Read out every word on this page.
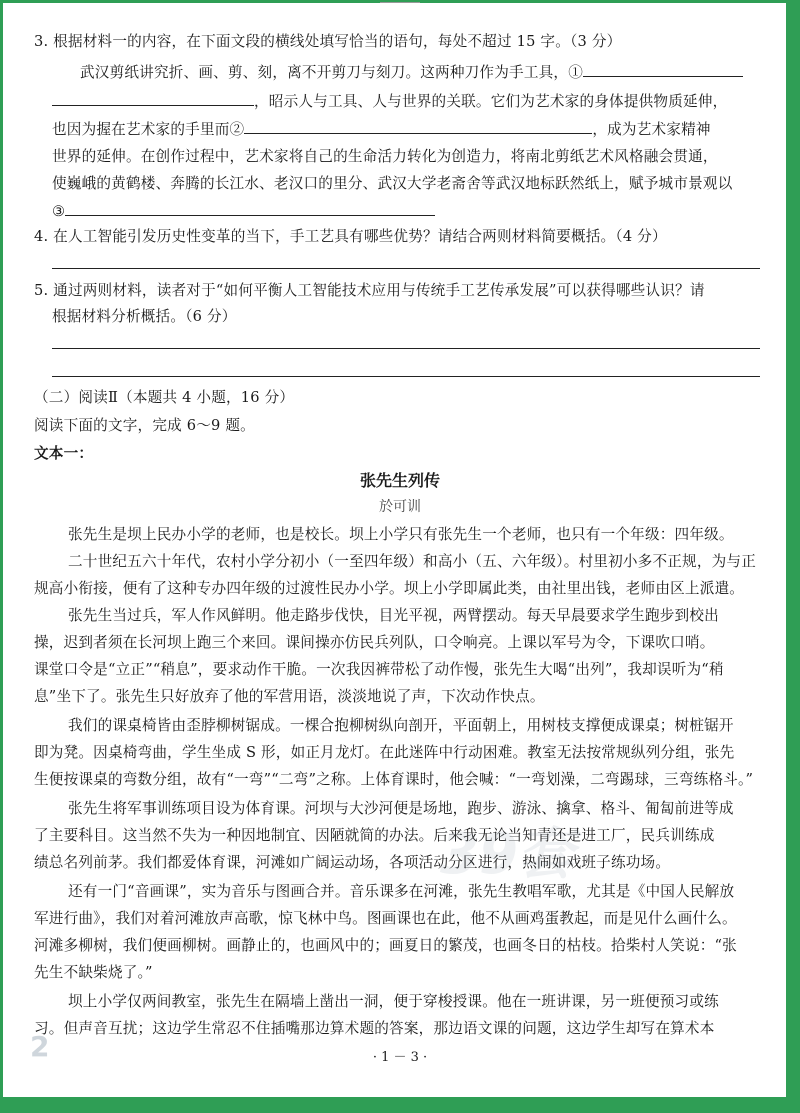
3. 根据材料一的内容，在下面文段的横线处填写恰当的语句，每处不超过 15 字。（3 分）
武汉剪纸讲究折、画、剪、刻，离不开剪刀与刻刀。这两种刀作为手工具，①
，昭示人与工具、人与世界的关联。它们为艺术家的身体提供物质延伸，
也因为握在艺术家的手里而②	，成为艺术家精神
世界的延伸。在创作过程中，艺术家将自己的生命活力转化为创造力，将南北剪纸艺术风格融会贯通，
使巍峨的黄鹤楼、奔腾的长江水、老汉口的里分、武汉大学老斋舍等武汉地标跃然纸上，赋予城市景观以
③
4. 在人工智能引发历史性变革的当下，手工艺具有哪些优势？请结合两则材料简要概括。（4 分）
5. 通过两则材料，读者对于“如何平衡人工智能技术应用与传统手工艺传承发展”可以获得哪些认识？请
根据材料分析概括。（6 分）
（二）阅读Ⅱ（本题共 4 小题，16 分）
阅读下面的文字，完成 6～9 题。
文本一：
张先生列传
於可训
张先生是坝上民办小学的老师，也是校长。坝上小学只有张先生一个老师，也只有一个年级：四年级。
二十世纪五六十年代，农村小学分初小（一至四年级）和高小（五、六年级）。村里初小多不正规，为与正
规高小衔接，便有了这种专办四年级的过渡性民办小学。坝上小学即属此类，由社里出钱，老师由区上派遣。
张先生当过兵，军人作风鲜明。他走路步伐快，目光平视，两臂摆动。每天早晨要求学生跑步到校出
操，迟到者须在长河坝上跑三个来回。课间操亦仿民兵列队，口令响亮。上课以军号为令，下课吹口哨。
课堂口令是“立正”“稍息”，要求动作干脆。一次我因裤带松了动作慢，张先生大喝“出列”，我却误听为“稍
息”坐下了。张先生只好放弃了他的军营用语，淡淡地说了声，下次动作快点。
我们的课桌椅皆由歪脖柳树锯成。一棵合抱柳树纵向剖开，平面朝上，用树枝支撑便成课桌；树桩锯开
即为凳。因桌椅弯曲，学生坐成 S 形，如正月龙灯。在此迷阵中行动困难。教室无法按常规纵列分组，张先
生便按课桌的弯数分组，故有“一弯”“二弯”之称。上体育课时，他会喊：“一弯划澡，二弯踢球，三弯练格斗。”
张先生将军事训练项目设为体育课。河坝与大沙河便是场地，跑步、游泳、擒拿、格斗、匍匐前进等成
了主要科目。这当然不失为一种因地制宜、因陋就简的办法。后来我无论当知青还是进工厂，民兵训练成
绩总名列前茅。我们都爱体育课，河滩如广阔运动场，各项活动分区进行，热闹如戏班子练功场。
还有一门“音画课”，实为音乐与图画合并。音乐课多在河滩，张先生教唱军歌，尤其是《中国人民解放
军进行曲》，我们对着河滩放声高歌，惊飞林中鸟。图画课也在此，他不从画鸡蛋教起，而是见什么画什么。
河滩多柳树，我们便画柳树。画静止的，也画风中的；画夏日的繁茂，也画冬日的枯枝。拾柴村人笑说：“张
先生不缺柴烧了。”
坝上小学仅两间教室，张先生在隔墙上凿出一洞，便于穿梭授课。他在一班讲课，另一班便预习或练
习。但声音互扰；这边学生常忍不住插嘴那边算术题的答案，那边语文课的问题，这边学生却写在算术本
39套
2	· 1 － 3 ·
